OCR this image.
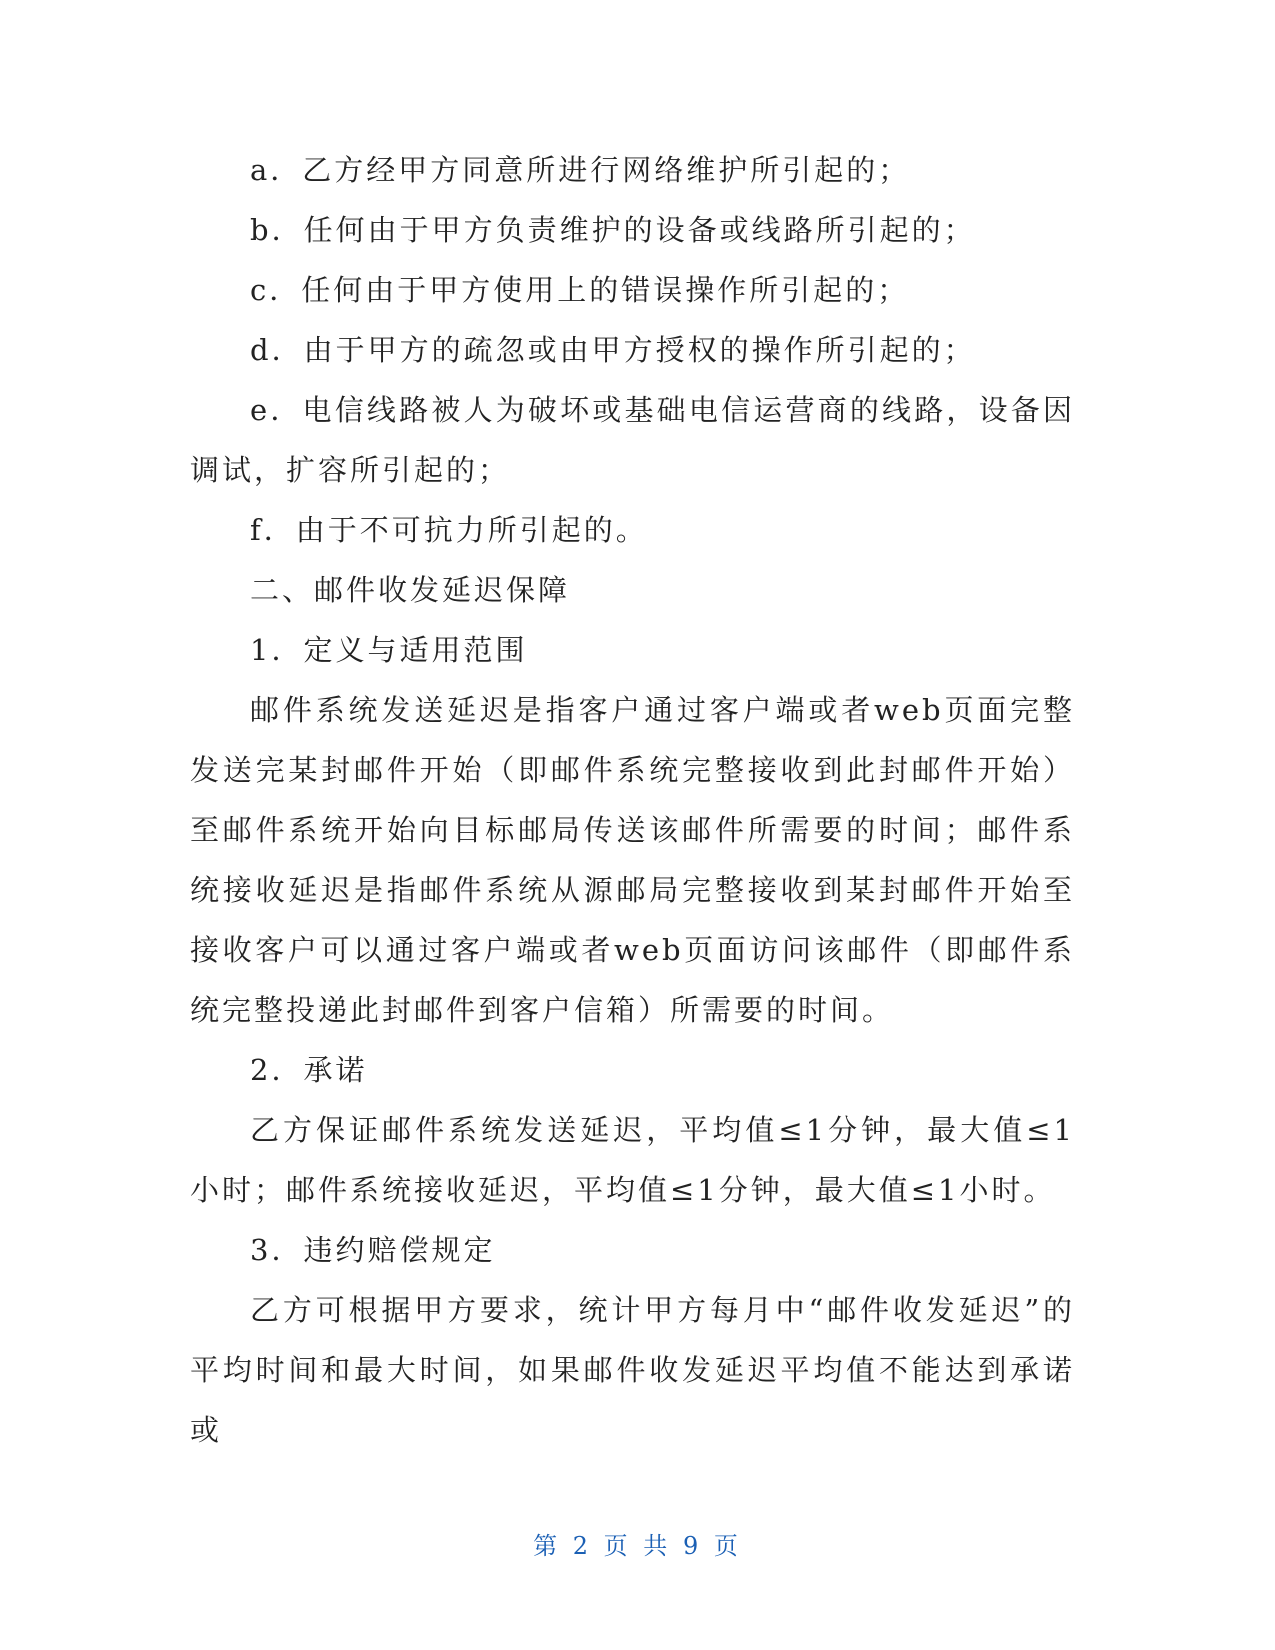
a．乙方经甲方同意所进行网络维护所引起的；

b．任何由于甲方负责维护的设备或线路所引起的；

c．任何由于甲方使用上的错误操作所引起的；

d．由于甲方的疏忽或由甲方授权的操作所引起的；

e．电信线路被人为破坏或基础电信运营商的线路，设备因调试，扩容所引起的；

f．由于不可抗力所引起的。

二、邮件收发延迟保障

1．定义与适用范围

邮件系统发送延迟是指客户通过客户端或者web页面完整发送完某封邮件开始（即邮件系统完整接收到此封邮件开始）至邮件系统开始向目标邮局传送该邮件所需要的时间；邮件系统接收延迟是指邮件系统从源邮局完整接收到某封邮件开始至接收客户可以通过客户端或者web页面访问该邮件（即邮件系统完整投递此封邮件到客户信箱）所需要的时间。

2．承诺

乙方保证邮件系统发送延迟，平均值≤1分钟，最大值≤1小时；邮件系统接收延迟，平均值≤1分钟，最大值≤1小时。

3．违约赔偿规定

乙方可根据甲方要求，统计甲方每月中“邮件收发延迟”的平均时间和最大时间，如果邮件收发延迟平均值不能达到承诺或

第 2 页 共 9 页
